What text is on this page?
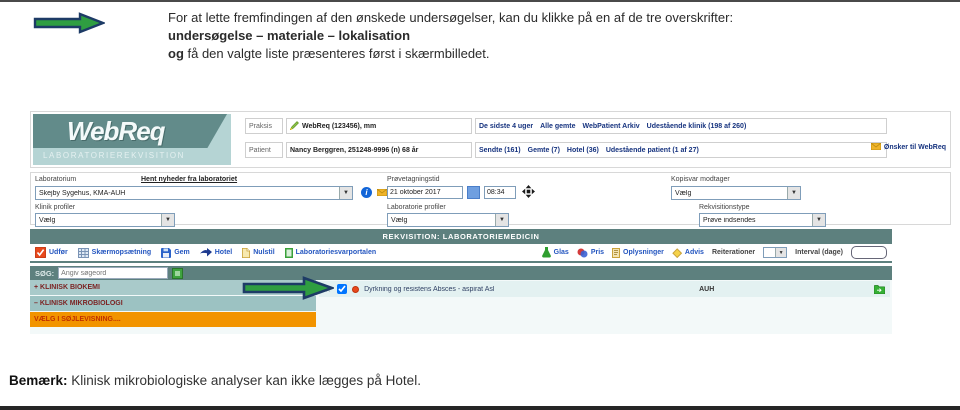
For at lette fremfindingen af den ønskede undersøgelser, kan du klikke på en af de tre overskrifter:
undersøgelse – materiale – lokalisation
og få den valgte liste præsenteres først i skærmbilledet.
WebReq
LABORATORIEREKVISITION
Praksis	WebReq (123456), mm	De sidste 4 uger Alle gemte WebPatient Arkiv Udestående klinik (198 af 260)
Patient	Nancy Berggren, 251248-9996 (n) 68 år	Sendte (161) Gemte (7) Hotel (36) Udestående patient (1 af 27)	Ønsker til WebReq
Laboratorium	Hent nyheder fra laboratoriet
Skejby Sygehus, KMA-AUH	▼	i
Klinik profiler
Vælg	▼
Prøvetagningstid
21 oktober 2017
08:34
Laboratorie profiler
Vælg	▼
Kopisvar modtager
Vælg	▼
Rekvisitionstype
Prøve indsendes	▼
REKVISITION: LABORATORIEMEDICIN
Udfør	Skærmopsætning	Gem	Hotel	Nulstil	Laboratoriesvarportalen	Glas	Pris	Oplysninger	Advis Reiterationer	▼	Interval (dage)
SØG:
Angiv søgeord
+ KLINISK BIOKEMI
– KLINISK MIKROBIOLOGI
VÆLG I SØJLEVISNING....
Dyrkning og resistens Absces - aspirat Asl	AUH
Bemærk: Klinisk mikrobiologiske analyser kan ikke lægges på Hotel.
